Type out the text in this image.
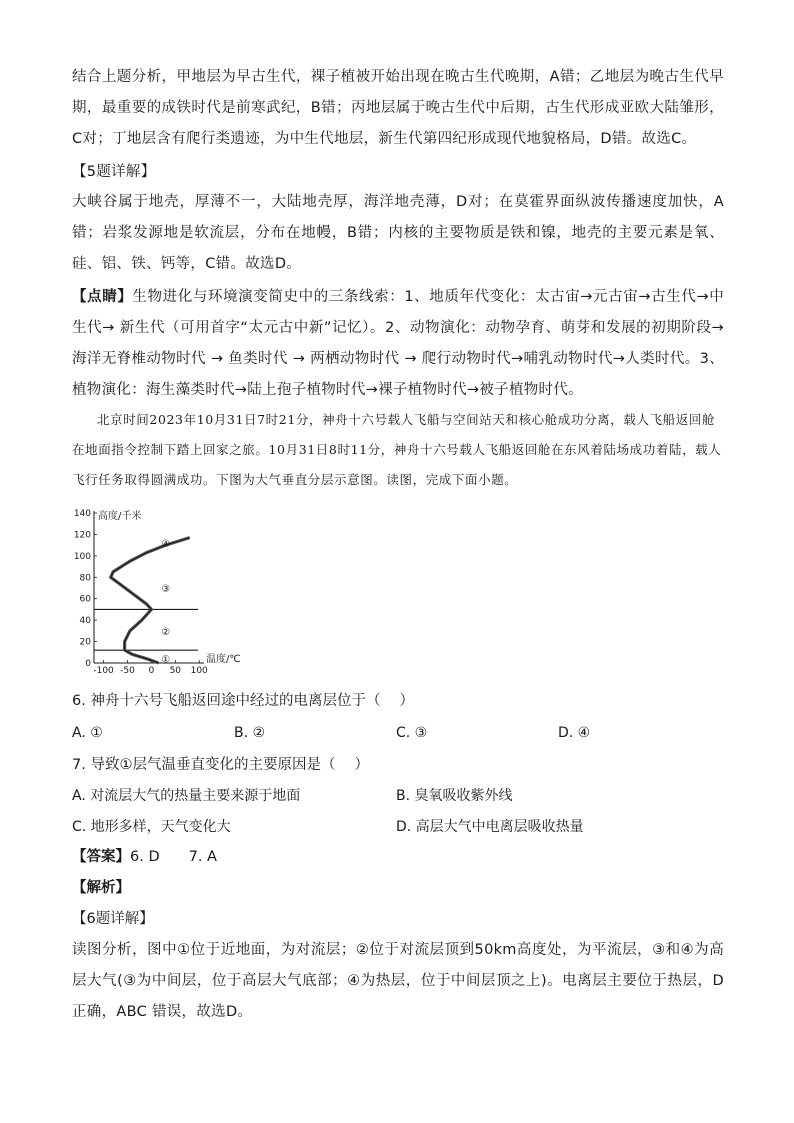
结合上题分析，甲地层为早古生代，裸子植被开始出现在晚古生代晚期，A错；乙地层为晚古生代早期，最重要的成铁时代是前寒武纪，B错；丙地层属于晚古生代中后期，古生代形成亚欧大陆雏形，C对；丁地层含有爬行类遗迹，为中生代地层，新生代第四纪形成现代地貌格局，D错。故选C。

【5题详解】

大峡谷属于地壳，厚薄不一，大陆地壳厚，海洋地壳薄，D对；在莫霍界面纵波传播速度加快，A错；岩浆发源地是软流层，分布在地幔，B错；内核的主要物质是铁和镍，地壳的主要元素是氧、硅、铝、铁、钙等，C错。故选D。

【点睛】生物进化与环境演变简史中的三条线索：1、地质年代变化：太古宙→元古宙→古生代→中生代→ 新生代（可用首字“太元古中新”记忆）。2、动物演化：动物孕育、萌芽和发展的初期阶段→海洋无脊椎动物时代 → 鱼类时代 → 两栖动物时代 → 爬行动物时代→哺乳动物时代→人类时代。3、植物演化：海生藻类时代→陆上孢子植物时代→裸子植物时代→被子植物时代。

北京时间2023年10月31日7时21分，神舟十六号载人飞船与空间站天和核心舱成功分离，载人飞船返回舱在地面指令控制下踏上回家之旅。10月31日8时11分，神舟十六号载人飞船返回舱在东风着陆场成功着陆，载人飞行任务取得圆满成功。下图为大气垂直分层示意图。读图，完成下面小题。

0
20
40
60
80
100
120
140
-100 -50 0 50 100
高度/千米
温度/℃
①
②
③
④

6. 神舟十六号飞船返回途中经过的电离层位于（　 ）

A. ①	B. ②	C. ③	D. ④

7. 导致①层气温垂直变化的主要原因是（　 ）

A. 对流层大气的热量主要来源于地面	B. 臭氧吸收紫外线

C. 地形多样，天气变化大	D. 高层大气中电离层吸收热量

【答案】6. D　　7. A

【解析】

【6题详解】

读图分析，图中①位于近地面，为对流层；②位于对流层顶到50km高度处，为平流层，③和④为高层大气(③为中间层，位于高层大气底部；④为热层，位于中间层顶之上)。电离层主要位于热层，D正确，ABC 错误，故选D。
